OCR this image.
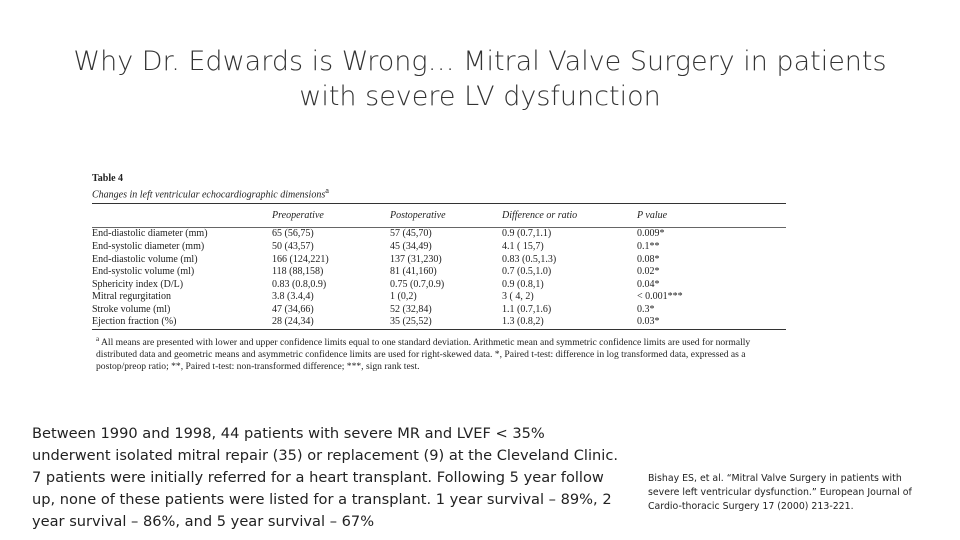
Why Dr. Edwards is Wrong… Mitral Valve Surgery in patients with severe LV dysfunction
Table 4
Changes in left ventricular echocardiographic dimensions$^a$
	Preoperative	Postoperative	Difference or ratio	P value

End-diastolic diameter (mm)	65 (56,75)	57 (45,70)	0.9 (0.7,1.1)	0.009*
End-systolic diameter (mm)	50 (43,57)	45 (34,49)	4.1 ( 15,7)	0.1**
End-diastolic volume (ml)	166 (124,221)	137 (31,230)	0.83 (0.5,1.3)	0.08*
End-systolic volume (ml)	118 (88,158)	81 (41,160)	0.7 (0.5,1.0)	0.02*
Sphericity index (D/L)	0.83 (0.8,0.9)	0.75 (0.7,0.9)	0.9 (0.8,1)	0.04*
Mitral regurgitation	3.8 (3.4,4)	1 (0,2)	3 ( 4, 2)	< 0.001***
Stroke volume (ml)	47 (34,66)	52 (32,84)	1.1 (0.7,1.6)	0.3*
Ejection fraction (%)	28 (24,34)	35 (25,52)	1.3 (0.8,2)	0.03*
$^a$ All means are presented with lower and upper confidence limits equal to one standard deviation. Arithmetic mean and symmetric confidence limits are used for normally distributed data and geometric means and asymmetric confidence limits are used for right-skewed data. *, Paired t-test: difference in log transformed data, expressed as a postop/preop ratio; **, Paired t-test: non-transformed difference; ***, sign rank test.
Between 1990 and 1998, 44 patients with severe MR and LVEF < 35% underwent isolated mitral repair (35) or replacement (9) at the Cleveland Clinic. 7 patients were initially referred for a heart transplant. Following 5 year follow up, none of these patients were listed for a transplant. 1 year survival – 89%, 2 year survival – 86%, and 5 year survival – 67%
Bishay ES, et al. “Mitral Valve Surgery in patients with severe left ventricular dysfunction.” European Journal of Cardio-thoracic Surgery 17 (2000) 213-221.
